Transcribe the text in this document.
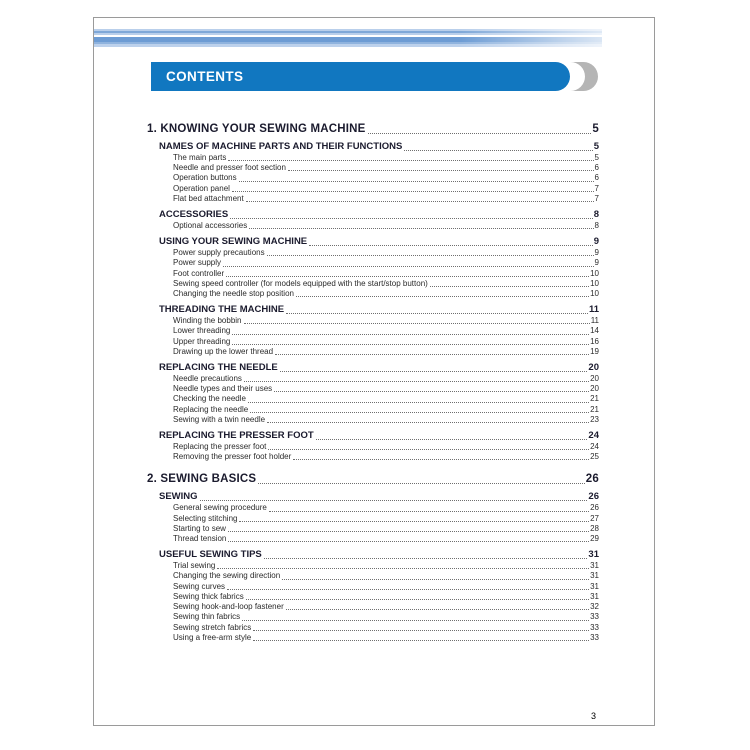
CONTENTS
1. KNOWING YOUR SEWING MACHINE	5
NAMES OF MACHINE PARTS AND THEIR FUNCTIONS	5
The main parts	5
Needle and presser foot section	6
Operation buttons	6
Operation panel	7
Flat bed attachment	7
ACCESSORIES	8
Optional accessories	8
USING YOUR SEWING MACHINE	9
Power supply precautions	9
Power supply	9
Foot controller	10
Sewing speed controller (for models equipped with the start/stop button)	10
Changing the needle stop position	10
THREADING THE MACHINE	11
Winding the bobbin	11
Lower threading	14
Upper threading	16
Drawing up the lower thread	19
REPLACING THE NEEDLE	20
Needle precautions	20
Needle types and their uses	20
Checking the needle	21
Replacing the needle	21
Sewing with a twin needle	23
REPLACING THE PRESSER FOOT	24
Replacing the presser foot	24
Removing the presser foot holder	25
2. SEWING BASICS	26
SEWING	26
General sewing procedure	26
Selecting stitching	27
Starting to sew	28
Thread tension	29
USEFUL SEWING TIPS	31
Trial sewing	31
Changing the sewing direction	31
Sewing curves	31
Sewing thick fabrics	31
Sewing hook-and-loop fastener	32
Sewing thin fabrics	33
Sewing stretch fabrics	33
Using a free-arm style	33
3
